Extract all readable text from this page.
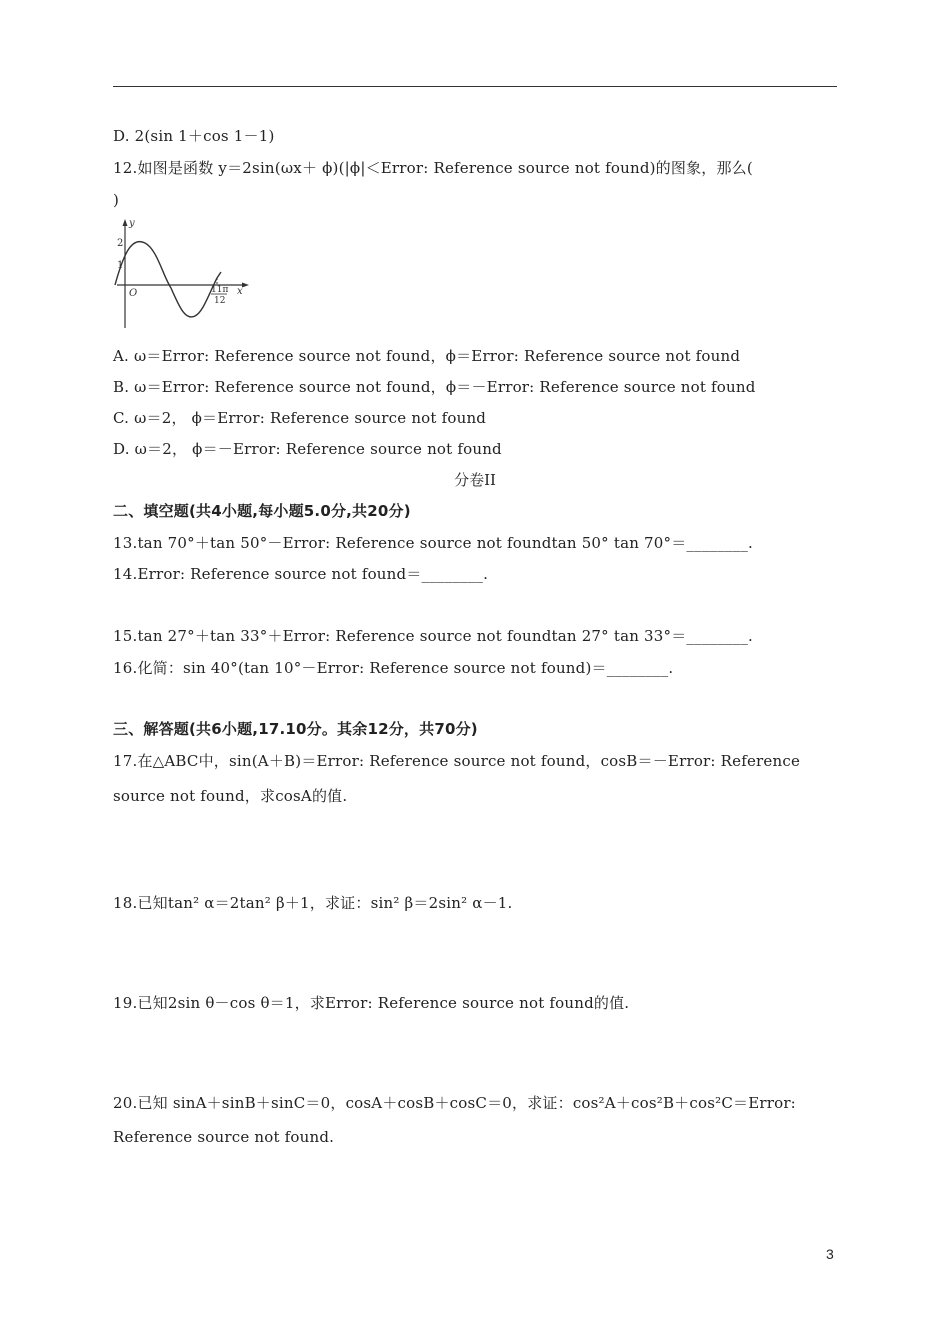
D. 2(sin 1＋cos 1－1)
12.如图是函数 y＝2sin(ωx＋ ϕ)(|ϕ|＜Error: Reference source not found)的图象，那么(
)
y
2
1
O	x
11π
12
A. ω＝Error: Reference source not found，ϕ＝Error: Reference source not found
B. ω＝Error: Reference source not found，ϕ＝－Error: Reference source not found
C. ω＝2， ϕ＝Error: Reference source not found
D. ω＝2， ϕ＝－Error: Reference source not found
分卷II
二、填空题(共4小题,每小题5.0分,共20分)
13.tan 70°＋tan 50°－Error: Reference source not foundtan 50° tan 70°＝________.
14.Error: Reference source not found＝________.
15.tan 27°＋tan 33°＋Error: Reference source not foundtan 27° tan 33°＝________.
16.化简：sin 40°(tan 10°－Error: Reference source not found)＝________.
三、解答题(共6小题,17.10分。其余12分，共70分)
17.在△ABC中，sin(A＋B)＝Error: Reference source not found，cosB＝－Error: Reference
source not found，求cosA的值.
18.已知tan² α＝2tan² β＋1，求证：sin² β＝2sin² α－1.
19.已知2sin θ－cos θ＝1，求Error: Reference source not found的值.
20.已知 sinA＋sinB＋sinC＝0，cosA＋cosB＋cosC＝0，求证：cos²A＋cos²B＋cos²C＝Error:
Reference source not found.
3
